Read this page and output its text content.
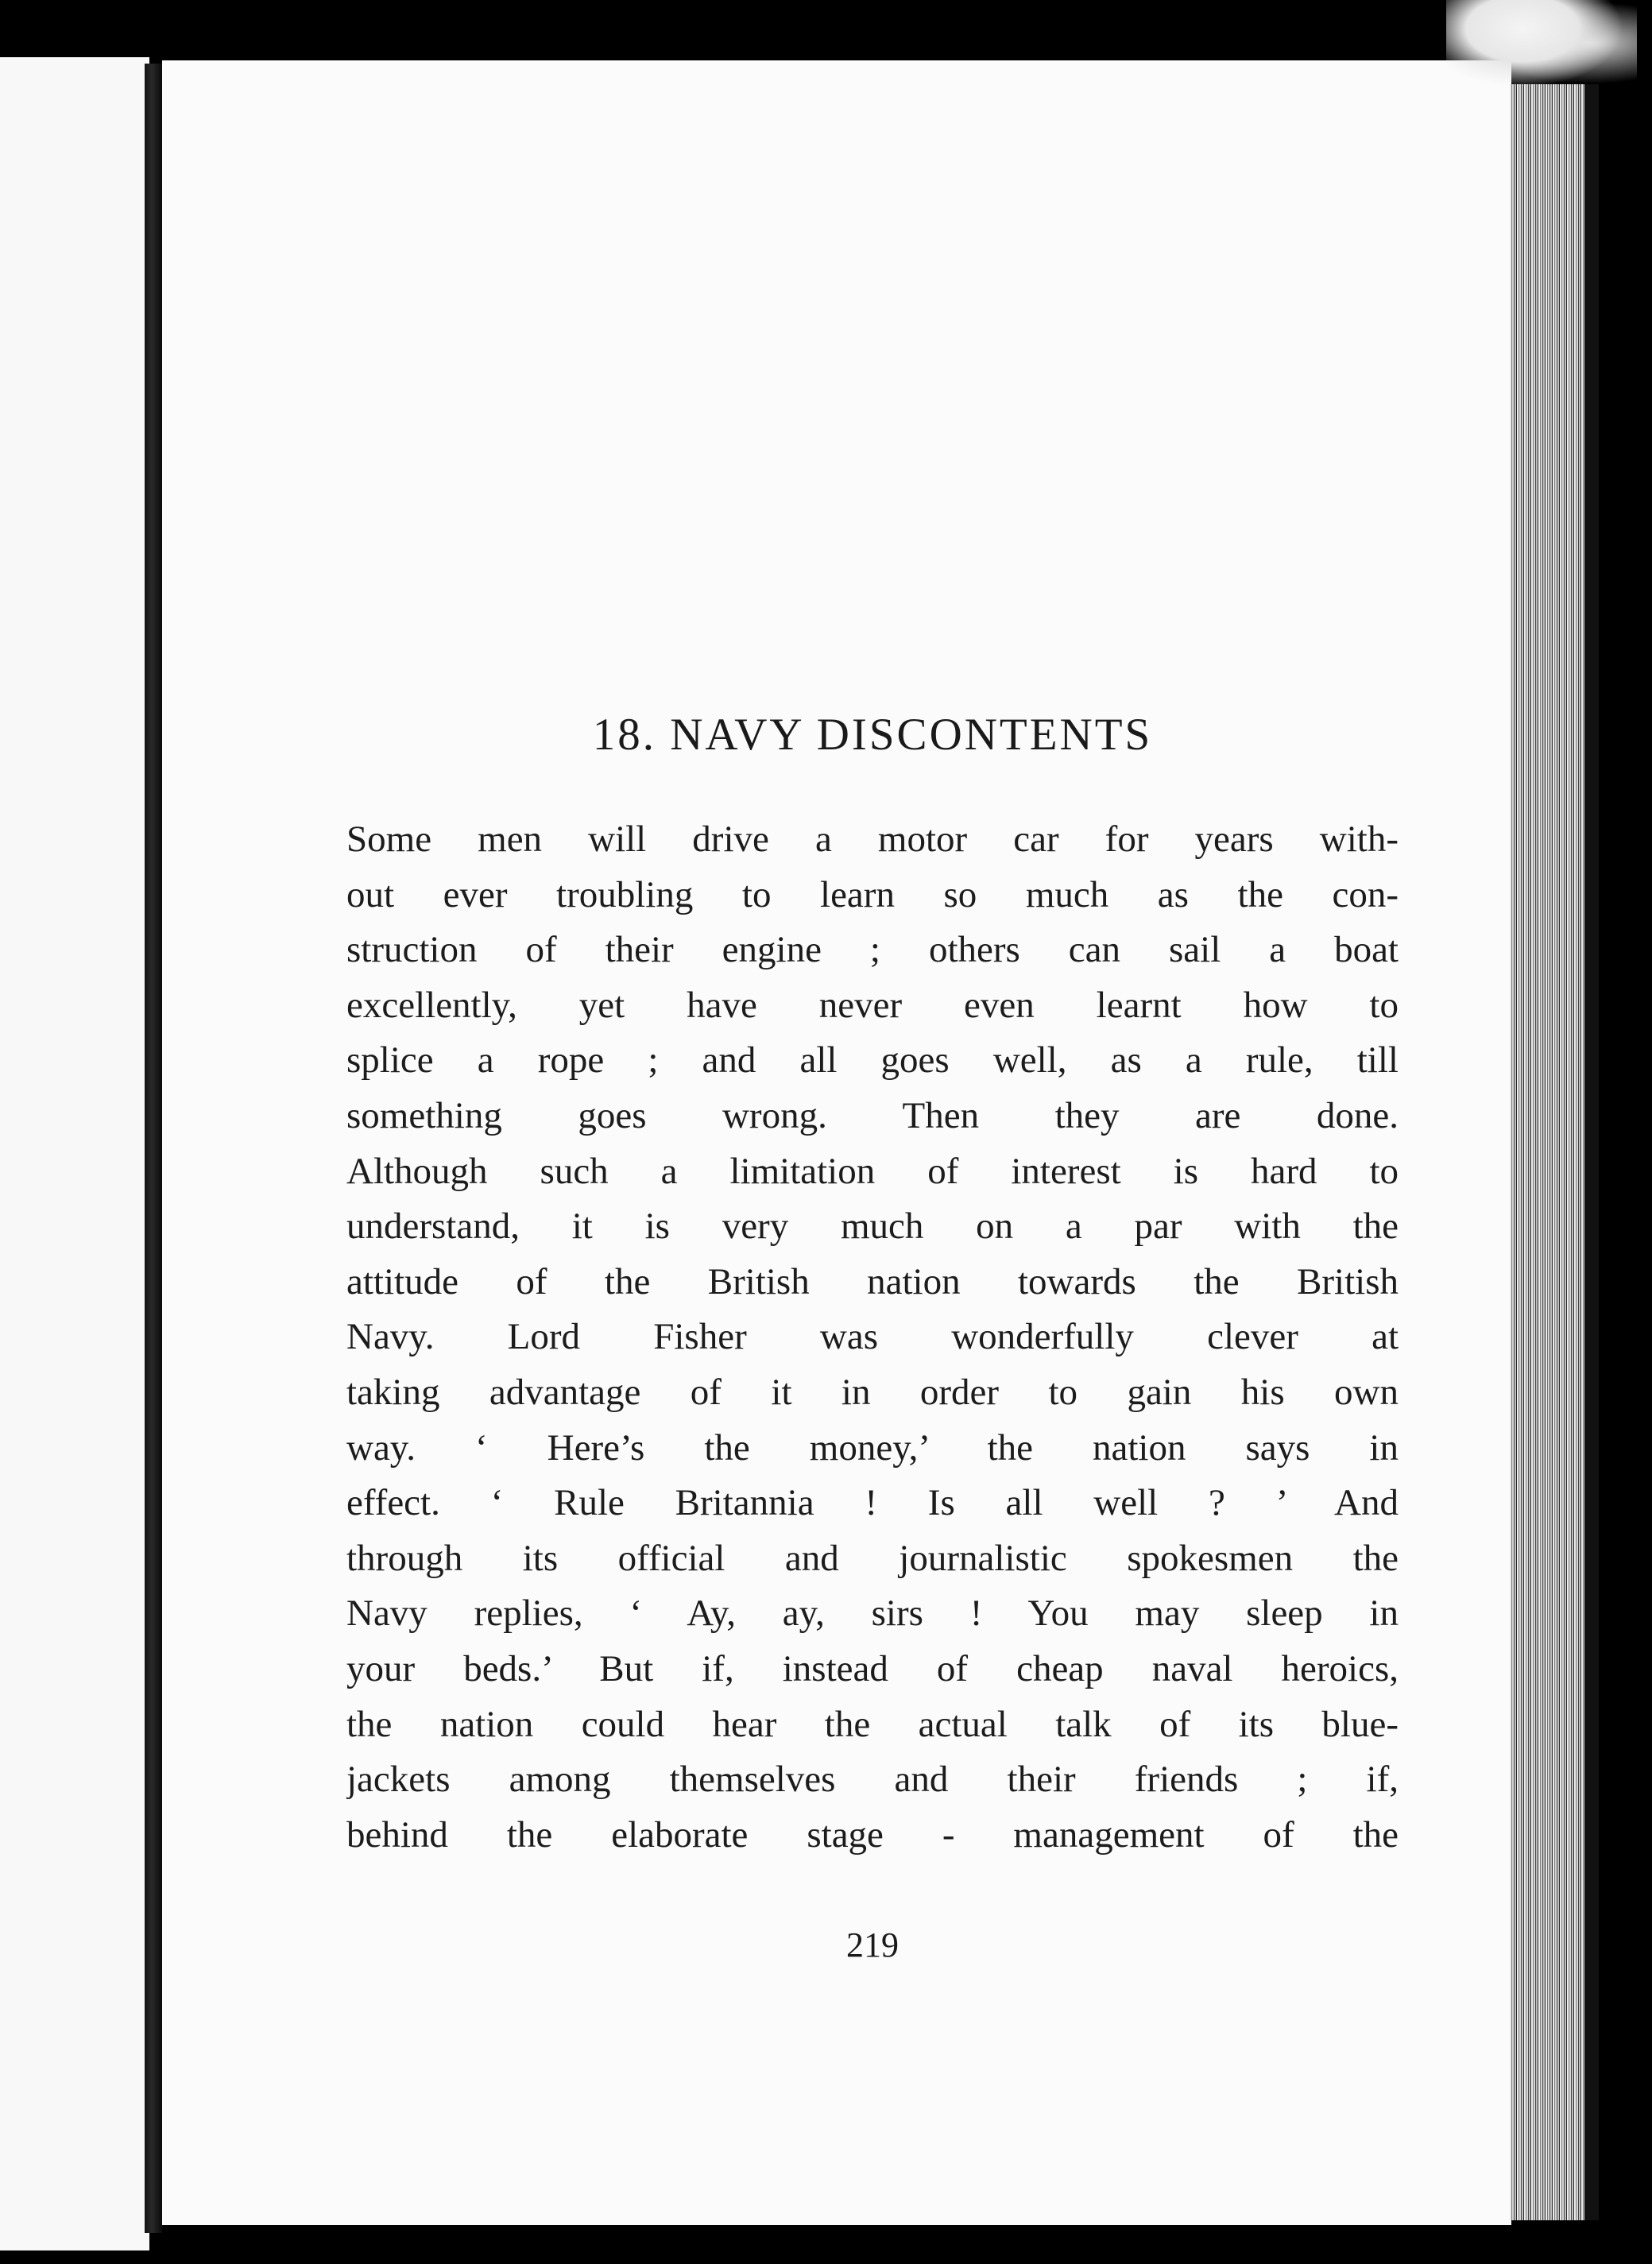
18. NAVY DISCONTENTS
Some men will drive a motor car for years with-
out ever troubling to learn so much as the con-
struction of their engine ; others can sail a boat
excellently, yet have never even learnt how to
splice a rope ; and all goes well, as a rule, till
something goes wrong. Then they are done.
Although such a limitation of interest is hard to
understand, it is very much on a par with the
attitude of the British nation towards the British
Navy. Lord Fisher was wonderfully clever at
taking advantage of it in order to gain his own
way. ‘ Here’s the money,’ the nation says in
effect. ‘ Rule Britannia ! Is all well ? ’ And
through its official and journalistic spokesmen the
Navy replies, ‘ Ay, ay, sirs ! You may sleep in
your beds.’ But if, instead of cheap naval heroics,
the nation could hear the actual talk of its blue-
jackets among themselves and their friends ; if,
behind the elaborate stage - management of the
219
